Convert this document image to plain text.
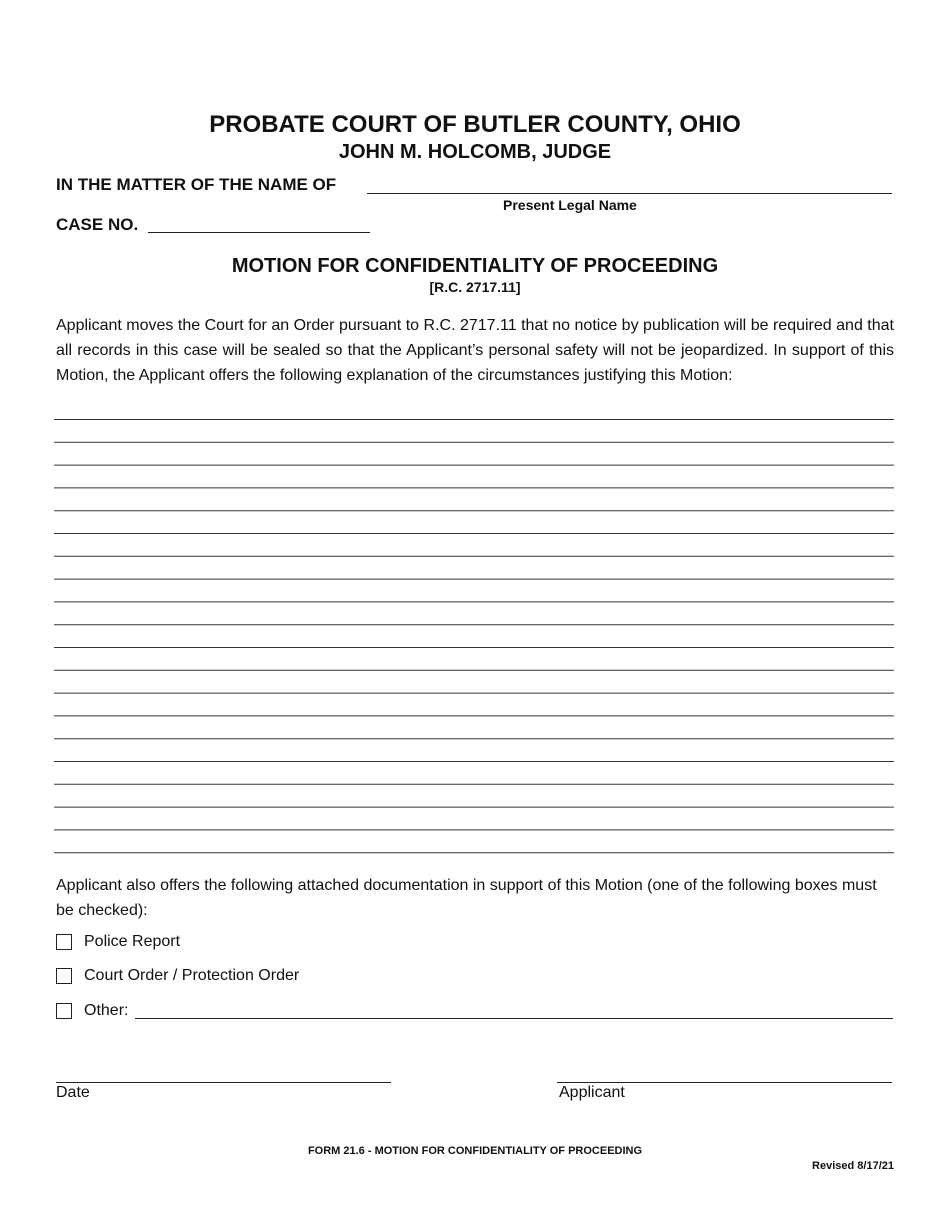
PROBATE COURT OF BUTLER COUNTY, OHIO
JOHN M. HOLCOMB, JUDGE
IN THE MATTER OF THE NAME OF
Present Legal Name
CASE NO.
MOTION FOR CONFIDENTIALITY OF PROCEEDING
[R.C. 2717.11]
Applicant moves the Court for an Order pursuant to R.C. 2717.11 that no notice by publication will be required and that all records in this case will be sealed so that the Applicant’s personal safety will not be jeopardized. In support of this Motion, the Applicant offers the following explanation of the circumstances justifying this Motion:
Applicant also offers the following attached documentation in support of this Motion (one of the following boxes must be checked):
Police Report
Court Order / Protection Order
Other:
Date	Applicant
FORM 21.6 - MOTION FOR CONFIDENTIALITY OF PROCEEDING
Revised 8/17/21
